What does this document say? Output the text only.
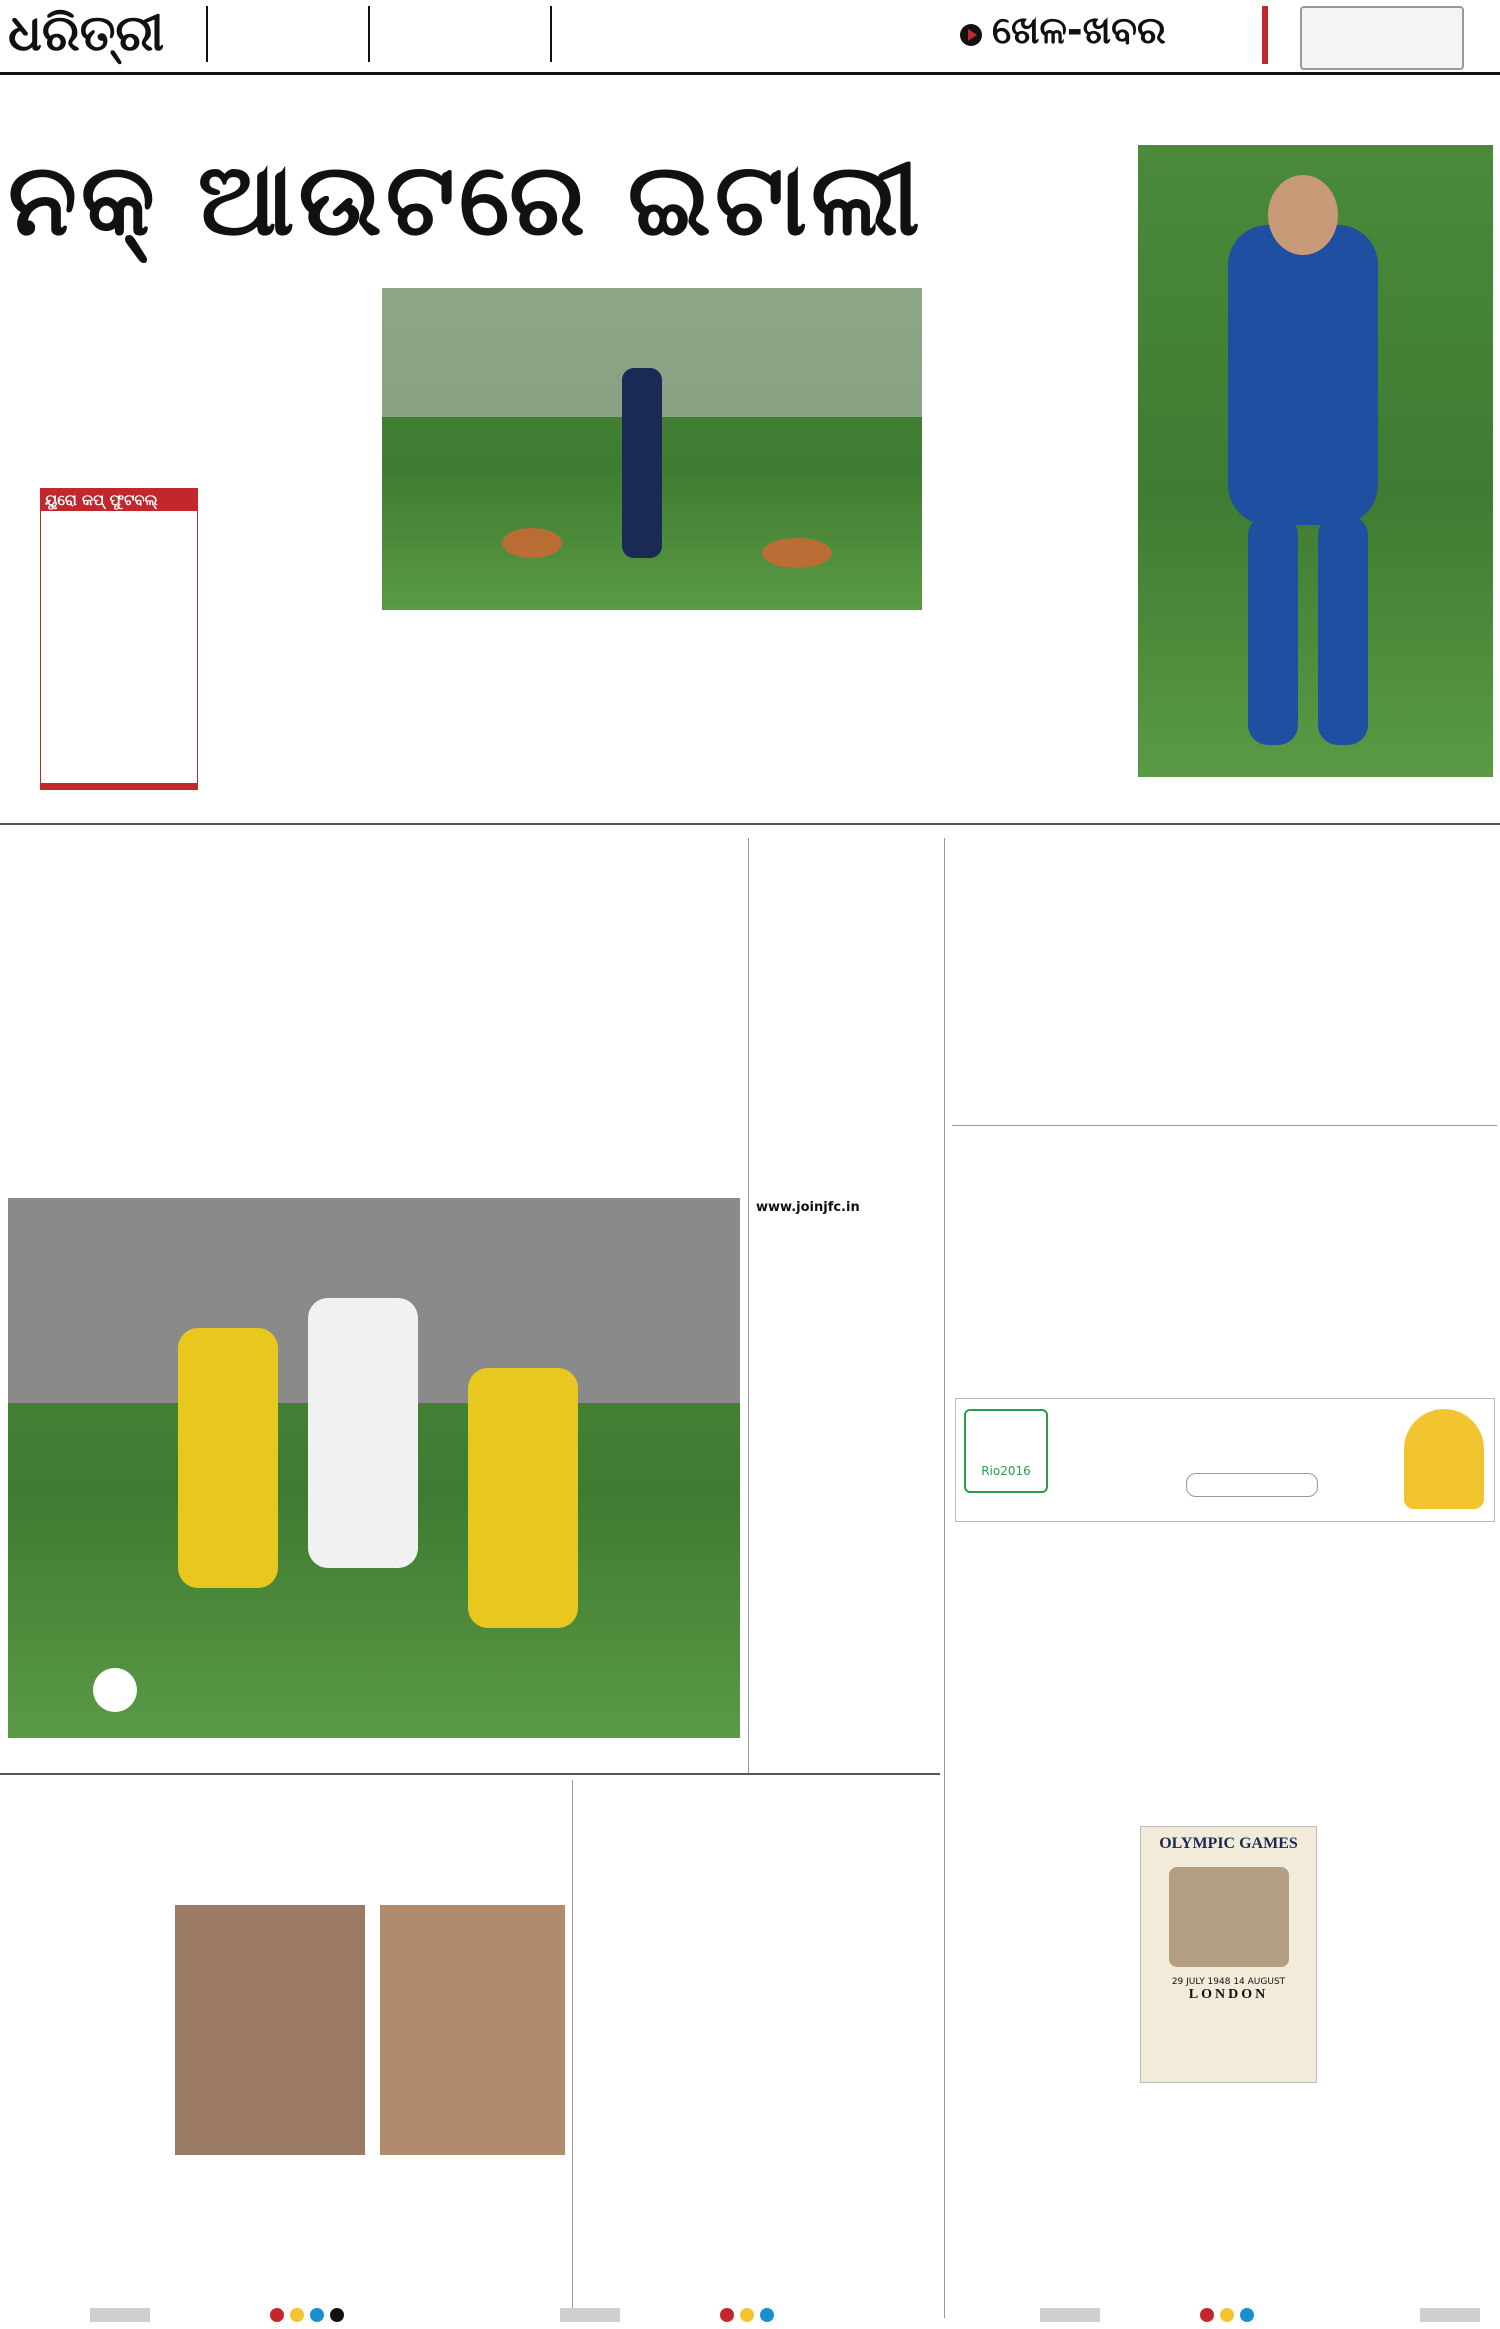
ଧରିତ୍ରୀ	ଖେଳ-ଖବର
ନକ୍ ଆଉଟରେ ଇଟାଲୀ
ୟୁରୋ କପ୍ ଫୁଟବଲ୍
www.joinjfc.in
Rio2016
OLYMPIC GAMES
29 JULY 1948 14 AUGUST
LONDON
